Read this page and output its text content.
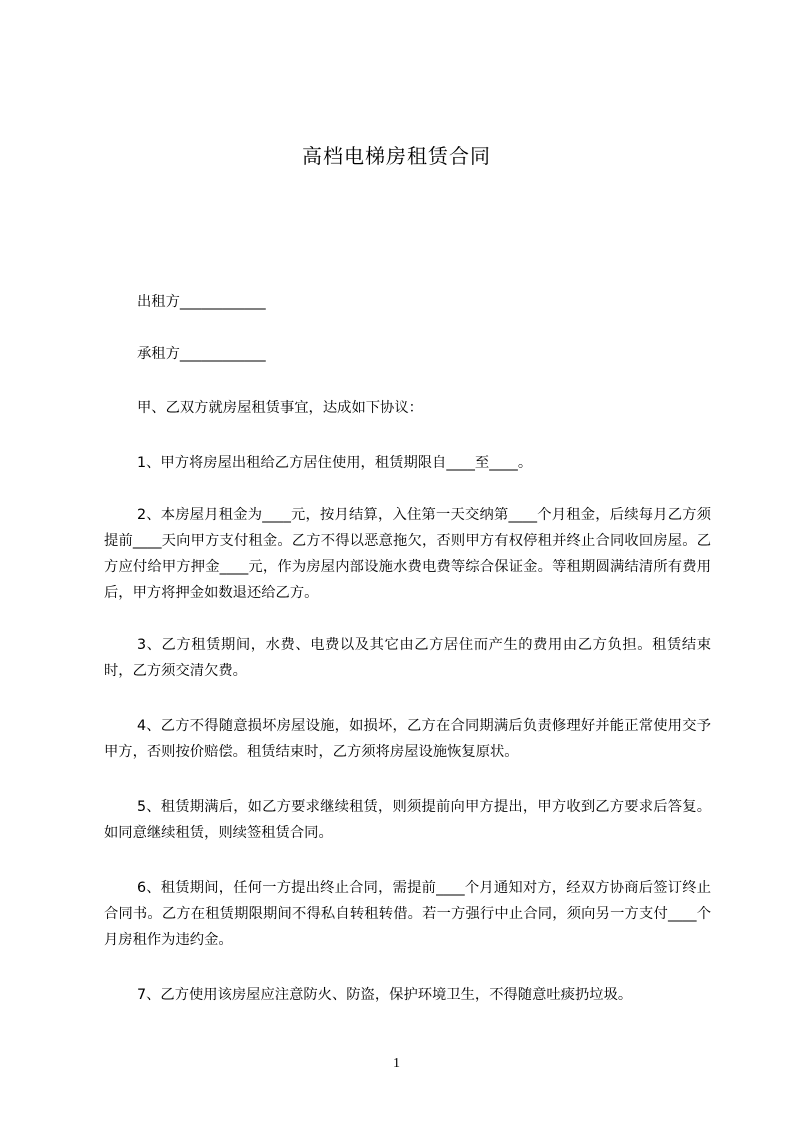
高档电梯房租赁合同
出租方____________
承租方____________
甲、乙双方就房屋租赁事宜，达成如下协议：
1、甲方将房屋出租给乙方居住使用，租赁期限自____至____。
2、本房屋月租金为____元，按月结算，入住第一天交纳第____个月租金，后续每月乙方须提前____天向甲方支付租金。乙方不得以恶意拖欠，否则甲方有权停租并终止合同收回房屋。乙方应付给甲方押金____元，作为房屋内部设施水费电费等综合保证金。等租期圆满结清所有费用后，甲方将押金如数退还给乙方。
3、乙方租赁期间，水费、电费以及其它由乙方居住而产生的费用由乙方负担。租赁结束时，乙方须交清欠费。
4、乙方不得随意损坏房屋设施，如损坏，乙方在合同期满后负责修理好并能正常使用交予甲方，否则按价赔偿。租赁结束时，乙方须将房屋设施恢复原状。
5、租赁期满后，如乙方要求继续租赁，则须提前向甲方提出，甲方收到乙方要求后答复。如同意继续租赁，则续签租赁合同。
6、租赁期间，任何一方提出终止合同，需提前____个月通知对方，经双方协商后签订终止合同书。乙方在租赁期限期间不得私自转租转借。若一方强行中止合同，须向另一方支付____个月房租作为违约金。
7、乙方使用该房屋应注意防火、防盗，保护环境卫生，不得随意吐痰扔垃圾。
1
